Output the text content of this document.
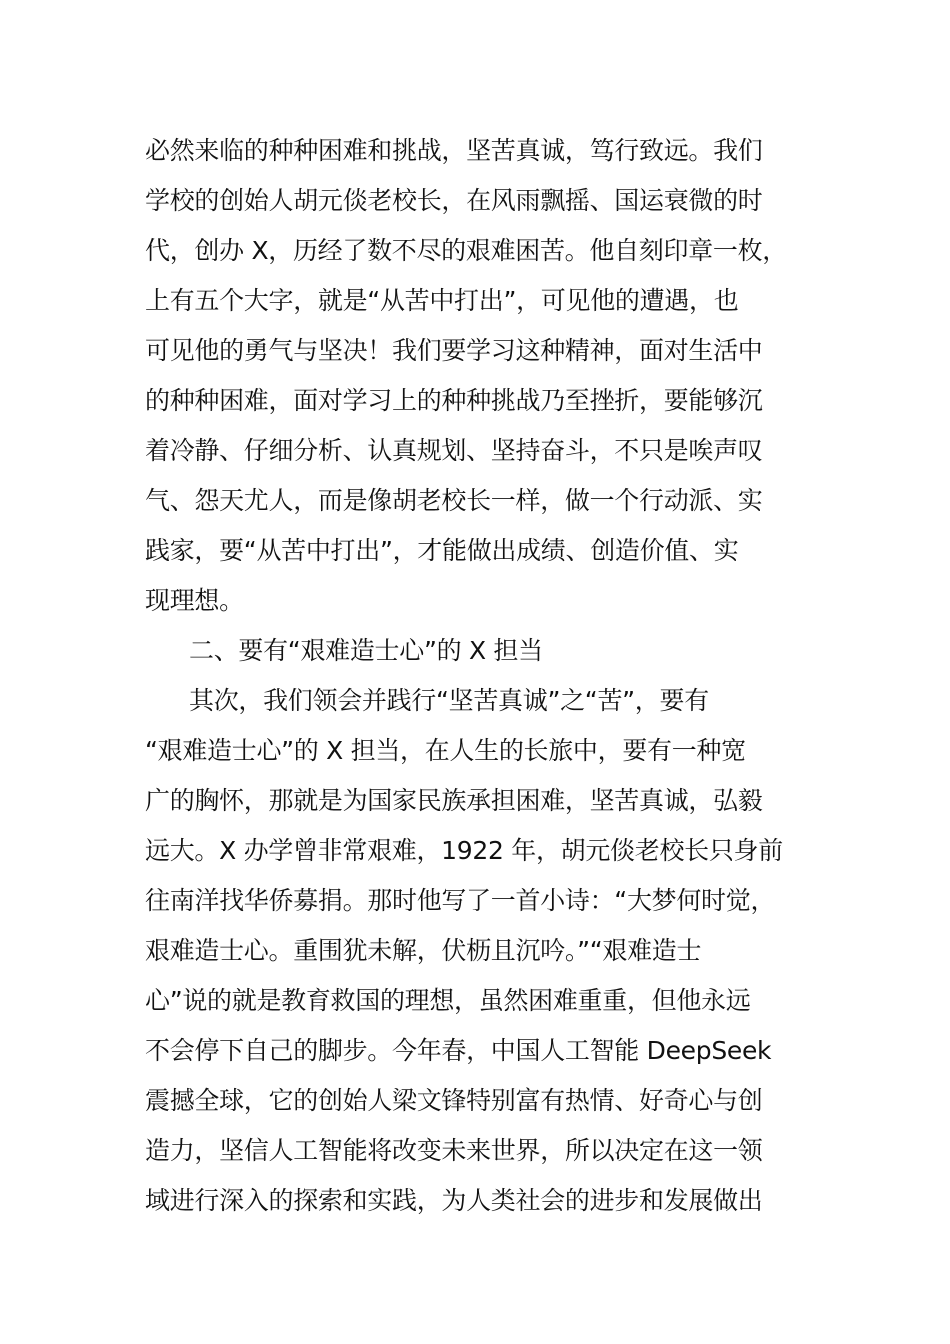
必然来临的种种困难和挑战，坚苦真诚，笃行致远。我们
学校的创始人胡元倓老校长，在风雨飘摇、国运衰微的时
代，创办 X，历经了数不尽的艰难困苦。他自刻印章一枚，
上有五个大字，就是“从苦中打出”，可见他的遭遇，也
可见他的勇气与坚决！我们要学习这种精神，面对生活中
的种种困难，面对学习上的种种挑战乃至挫折，要能够沉
着冷静、仔细分析、认真规划、坚持奋斗，不只是唉声叹
气、怨天尤人，而是像胡老校长一样，做一个行动派、实
践家，要“从苦中打出”，才能做出成绩、创造价值、实
现理想。
二、要有“艰难造士心”的 X 担当
其次，我们领会并践行“坚苦真诚”之“苦”，要有
“艰难造士心”的 X 担当，在人生的长旅中，要有一种宽
广的胸怀，那就是为国家民族承担困难，坚苦真诚，弘毅
远大。X 办学曾非常艰难，1922 年，胡元倓老校长只身前
往南洋找华侨募捐。那时他写了一首小诗：“大梦何时觉，
艰难造士心。重围犹未解，伏枥且沉吟。”“艰难造士
心”说的就是教育救国的理想，虽然困难重重，但他永远
不会停下自己的脚步。今年春，中国人工智能 DeepSeek
震撼全球，它的创始人梁文锋特别富有热情、好奇心与创
造力，坚信人工智能将改变未来世界，所以决定在这一领
域进行深入的探索和实践，为人类社会的进步和发展做出
